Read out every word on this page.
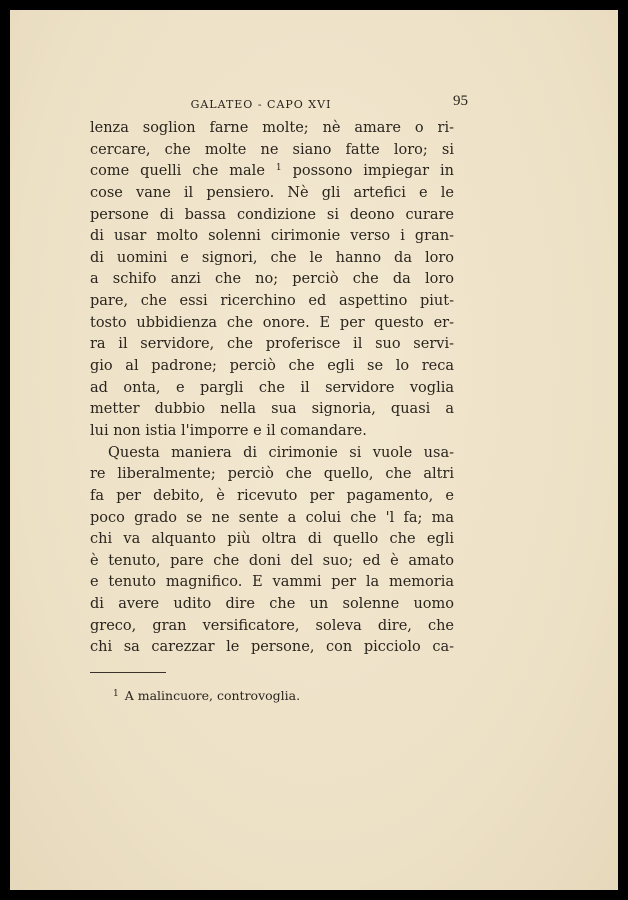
GALATEO - CAPO XVI	95
lenza soglion farne molte; nè amare o ri-
cercare, che molte ne siano fatte loro; si
come quelli che male $^1$ possono impiegar in
cose vane il pensiero. Nè gli artefici e le
persone di bassa condizione si deono curare
di usar molto solenni cirimonie verso i gran-
di uomini e signori, che le hanno da loro
a schifo anzi che no; perciò che da loro
pare, che essi ricerchino ed aspettino piut-
tosto ubbidienza che onore. E per questo er-
ra il servidore, che proferisce il suo servi-
gio al padrone; perciò che egli se lo reca
ad onta, e pargli che il servidore voglia
metter dubbio nella sua signoria, quasi a
lui non istia l'imporre e il comandare.
Questa maniera di cirimonie si vuole usa-
re liberalmente; perciò che quello, che altri
fa per debito, è ricevuto per pagamento, e
poco grado se ne sente a colui che 'l fa; ma
chi va alquanto più oltra di quello che egli
è tenuto, pare che doni del suo; ed è amato
e tenuto magnifico. E vammi per la memoria
di avere udito dire che un solenne uomo
greco, gran versificatore, soleva dire, che
chi sa carezzar le persone, con picciolo ca-
$^1$ A malincuore, controvoglia.
